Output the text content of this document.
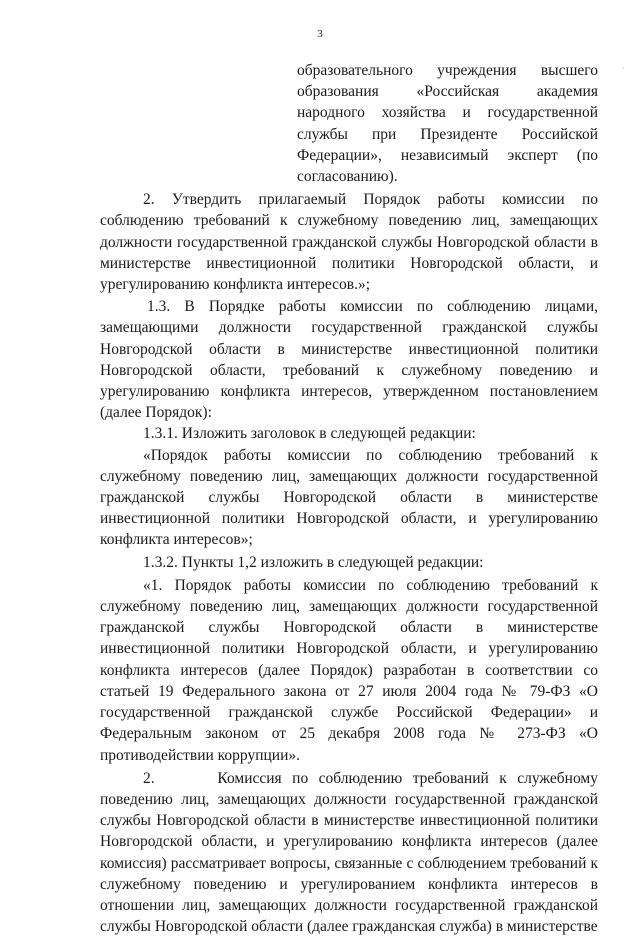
3
·

образовательного учреждения высшего образования «Российская академия народного хозяйства и государственной службы при Президенте Российской Федерации», независимый эксперт (по согласованию).

2. Утвердить прилагаемый Порядок работы комиссии по соблюдению требований к служебному поведению лиц, замещающих должности государственной гражданской службы Новгородской области в министерстве инвестиционной политики Новгородской области, и урегулированию конфликта интересов.»;

1.3. В Порядке работы комиссии по соблюдению лицами, замещающими должности государственной гражданской службы Новгородской области в министерстве инвестиционной политики Новгородской области, требований к служебному поведению и урегулированию конфликта интересов, утвержденном постановлением (далее Порядок):

1.3.1. Изложить заголовок в следующей редакции:

«Порядок работы комиссии по соблюдению требований к служебному поведению лиц, замещающих должности государственной гражданской службы Новгородской области в министерстве инвестиционной политики Новгородской области, и урегулированию конфликта интересов»;

1.3.2. Пункты 1,2 изложить в следующей редакции:

«1. Порядок работы комиссии по соблюдению требований к служебному поведению лиц, замещающих должности государственной гражданской службы Новгородской области в министерстве инвестиционной политики Новгородской области, и урегулированию конфликта интересов (далее Порядок) разработан в соответствии со статьей 19 Федерального закона от 27 июля 2004 года № 79-ФЗ «О государственной гражданской службе Российской Федерации» и Федеральным законом от 25 декабря 2008 года № 273-ФЗ «О противодействии коррупции».

2.      Комиссия по соблюдению требований к служебному поведению лиц, замещающих должности государственной гражданской службы Новгородской области в министерстве инвестиционной политики Новгородской области, и урегулированию конфликта интересов (далее комиссия) рассматривает вопросы, связанные с соблюдением требований к служебному поведению и урегулированием конфликта интересов в отношении лиц, замещающих должности государственной гражданской службы Новгородской области (далее гражданская служба) в министерстве
